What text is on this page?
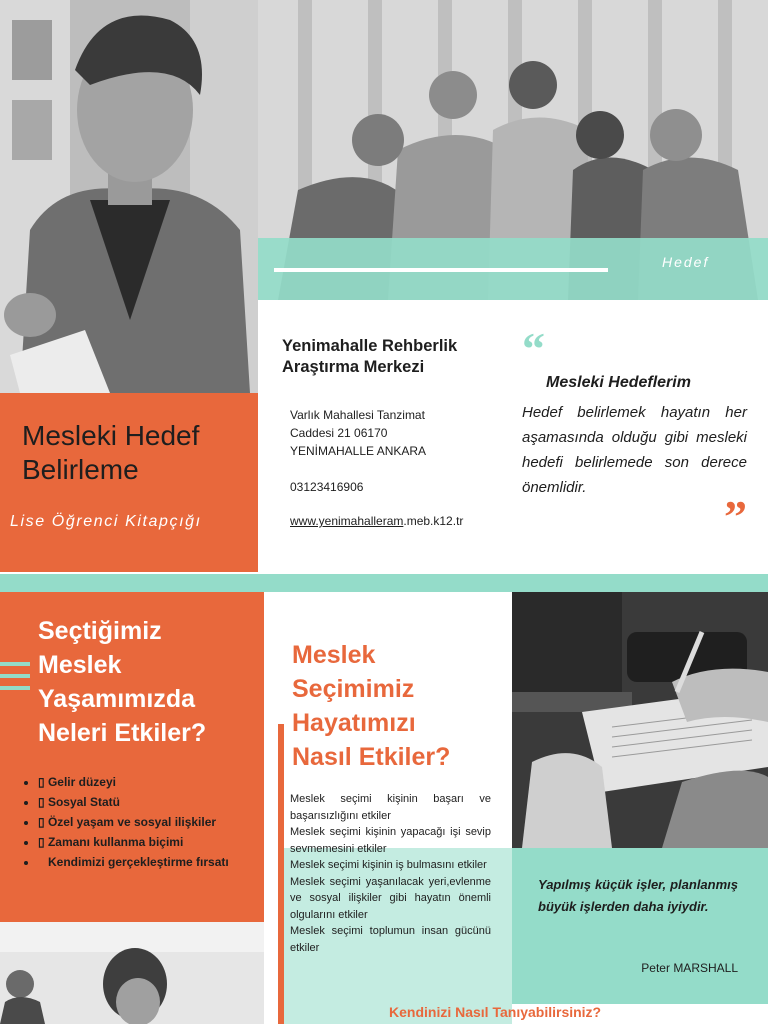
Hedef
Mesleki Hedef
Belirleme
Lise Öğrenci Kitapçığı
Yenimahalle Rehberlik
Araştırma Merkezi
Varlık Mahallesi Tanzimat
Caddesi 21 06170
YENİMAHALLE ANKARA
03123416906
www.yenimahalleram.meb.k12.tr
“
Mesleki Hedeflerim
Hedef belirlemek hayatın her aşamasında olduğu gibi mesleki hedefi belirlemede son derece önemlidir.
”
Seçtiğimiz
Meslek
Yaşamımızda
Neleri Etkiler?
• ▯ Gelir düzeyi
• ▯ Sosyal Statü
• ▯ Özel yaşam ve sosyal ilişkiler
• ▯ Zamanı kullanma biçimi
• Kendimizi gerçekleştirme fırsatı
Meslek
Seçimimiz
Hayatımızı
Nasıl Etkiler?
Meslek seçimi kişinin başarı ve başarısızlığını etkiler
Meslek seçimi kişinin yapacağı işi sevip sevmemesini etkiler
Meslek seçimi kişinin iş bulmasını etkiler
Meslek seçimi yaşanılacak yeri,evlenme ve sosyal ilişkiler gibi hayatın önemli olgularını etkiler
Meslek seçimi toplumun insan gücünü etkiler
Yapılmış küçük işler, planlanmış büyük işlerden daha iyiydir.
Peter MARSHALL
Kendinizi Nasıl Tanıyabilirsiniz?
